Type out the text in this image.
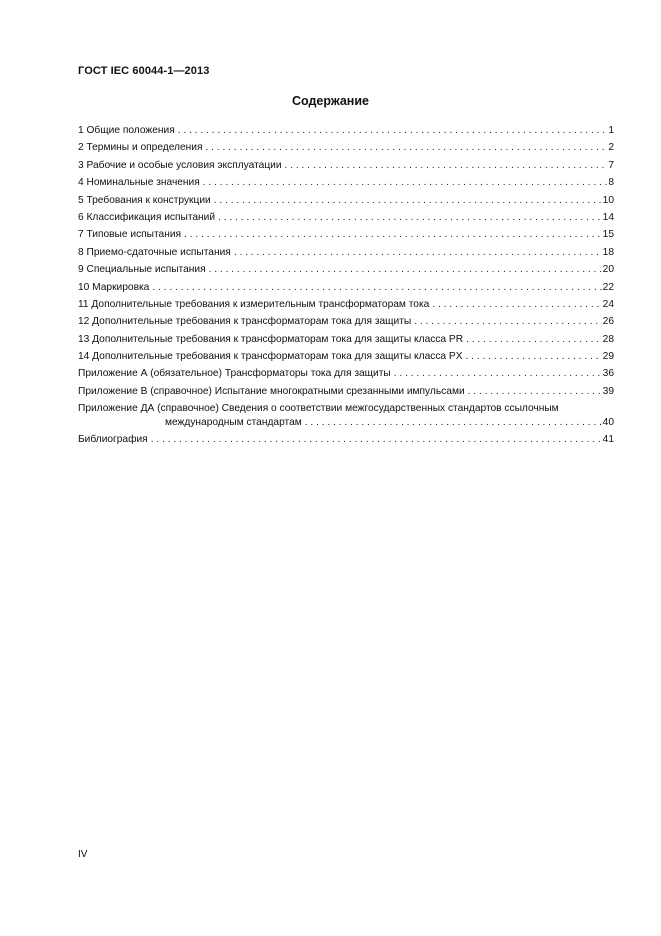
ГОСТ IEC 60044-1—2013
Содержание
1 Общие положения . . .	1
2 Термины и определения . . .	2
3 Рабочие и особые условия эксплуатации . . .	7
4 Номинальные значения . . .	8
5 Требования к конструкции . . .	10
6 Классификация испытаний . . .	14
7 Типовые испытания . . .	15
8 Приемо-сдаточные испытания . . .	18
9 Специальные испытания . . .	20
10 Маркировка . . .	22
11 Дополнительные требования к измерительным трансформаторам тока . . .	24
12 Дополнительные требования к трансформаторам тока для защиты . . .	26
13 Дополнительные требования к трансформаторам тока для защиты класса PR . . .	28
14 Дополнительные требования к трансформаторам тока для защиты класса PX . . .	29
Приложение А (обязательное) Трансформаторы тока для защиты . . .	36
Приложение В (справочное) Испытание многократными срезанными импульсами . . .	39
Приложение ДА (справочное) Сведения о соответствии межгосударственных стандартов ссылочным
международным стандартам . . .	40
Библиография . . .	41
IV
